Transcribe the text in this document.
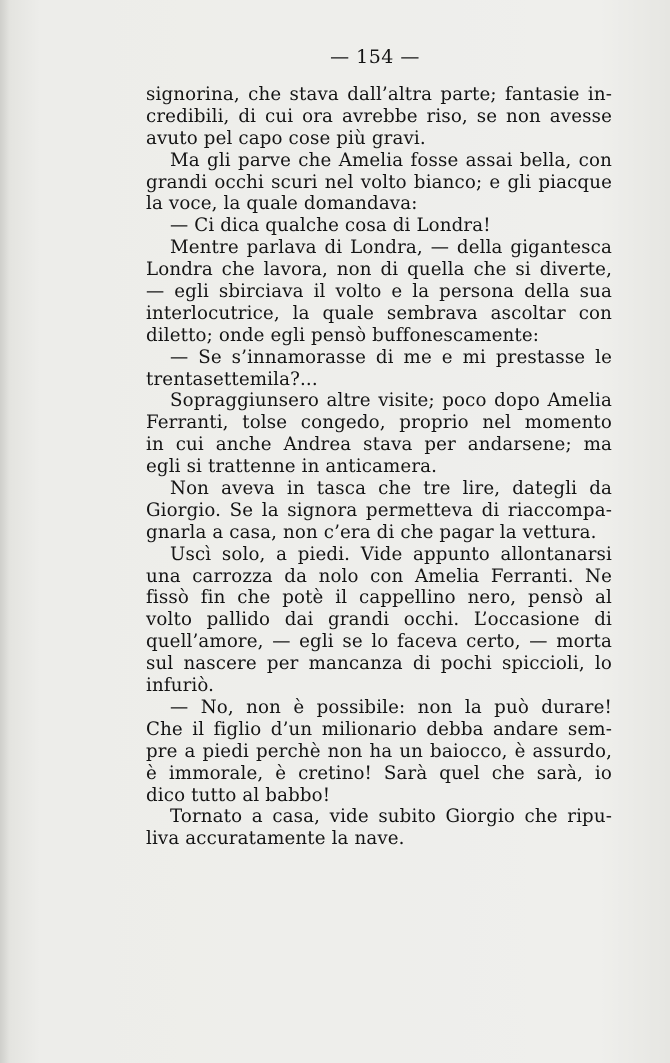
— 154 —
signorina, che stava dall’altra parte; fantasie in-
credibili, di cui ora avrebbe riso, se non avesse
avuto pel capo cose più gravi.
Ma gli parve che Amelia fosse assai bella, con
grandi occhi scuri nel volto bianco; e gli piacque
la voce, la quale domandava:
— Ci dica qualche cosa di Londra!
Mentre parlava di Londra, — della gigantesca
Londra che lavora, non di quella che si diverte,
— egli sbirciava il volto e la persona della sua
interlocutrice, la quale sembrava ascoltar con
diletto; onde egli pensò buffonescamente:
— Se s’innamorasse di me e mi prestasse le
trentasettemila?...
Sopraggiunsero altre visite; poco dopo Amelia
Ferranti, tolse congedo, proprio nel momento
in cui anche Andrea stava per andarsene; ma
egli si trattenne in anticamera.
Non aveva in tasca che tre lire, dategli da
Giorgio. Se la signora permetteva di riaccompa-
gnarla a casa, non c’era di che pagar la vettura.
Uscì solo, a piedi. Vide appunto allontanarsi
una carrozza da nolo con Amelia Ferranti. Ne
fissò fin che potè il cappellino nero, pensò al
volto pallido dai grandi occhi. L’occasione di
quell’amore, — egli se lo faceva certo, — morta
sul nascere per mancanza di pochi spiccioli, lo
infuriò.
— No, non è possibile: non la può durare!
Che il figlio d’un milionario debba andare sem-
pre a piedi perchè non ha un baiocco, è assurdo,
è immorale, è cretino! Sarà quel che sarà, io
dico tutto al babbo!
Tornato a casa, vide subito Giorgio che ripu-
liva accuratamente la nave.
